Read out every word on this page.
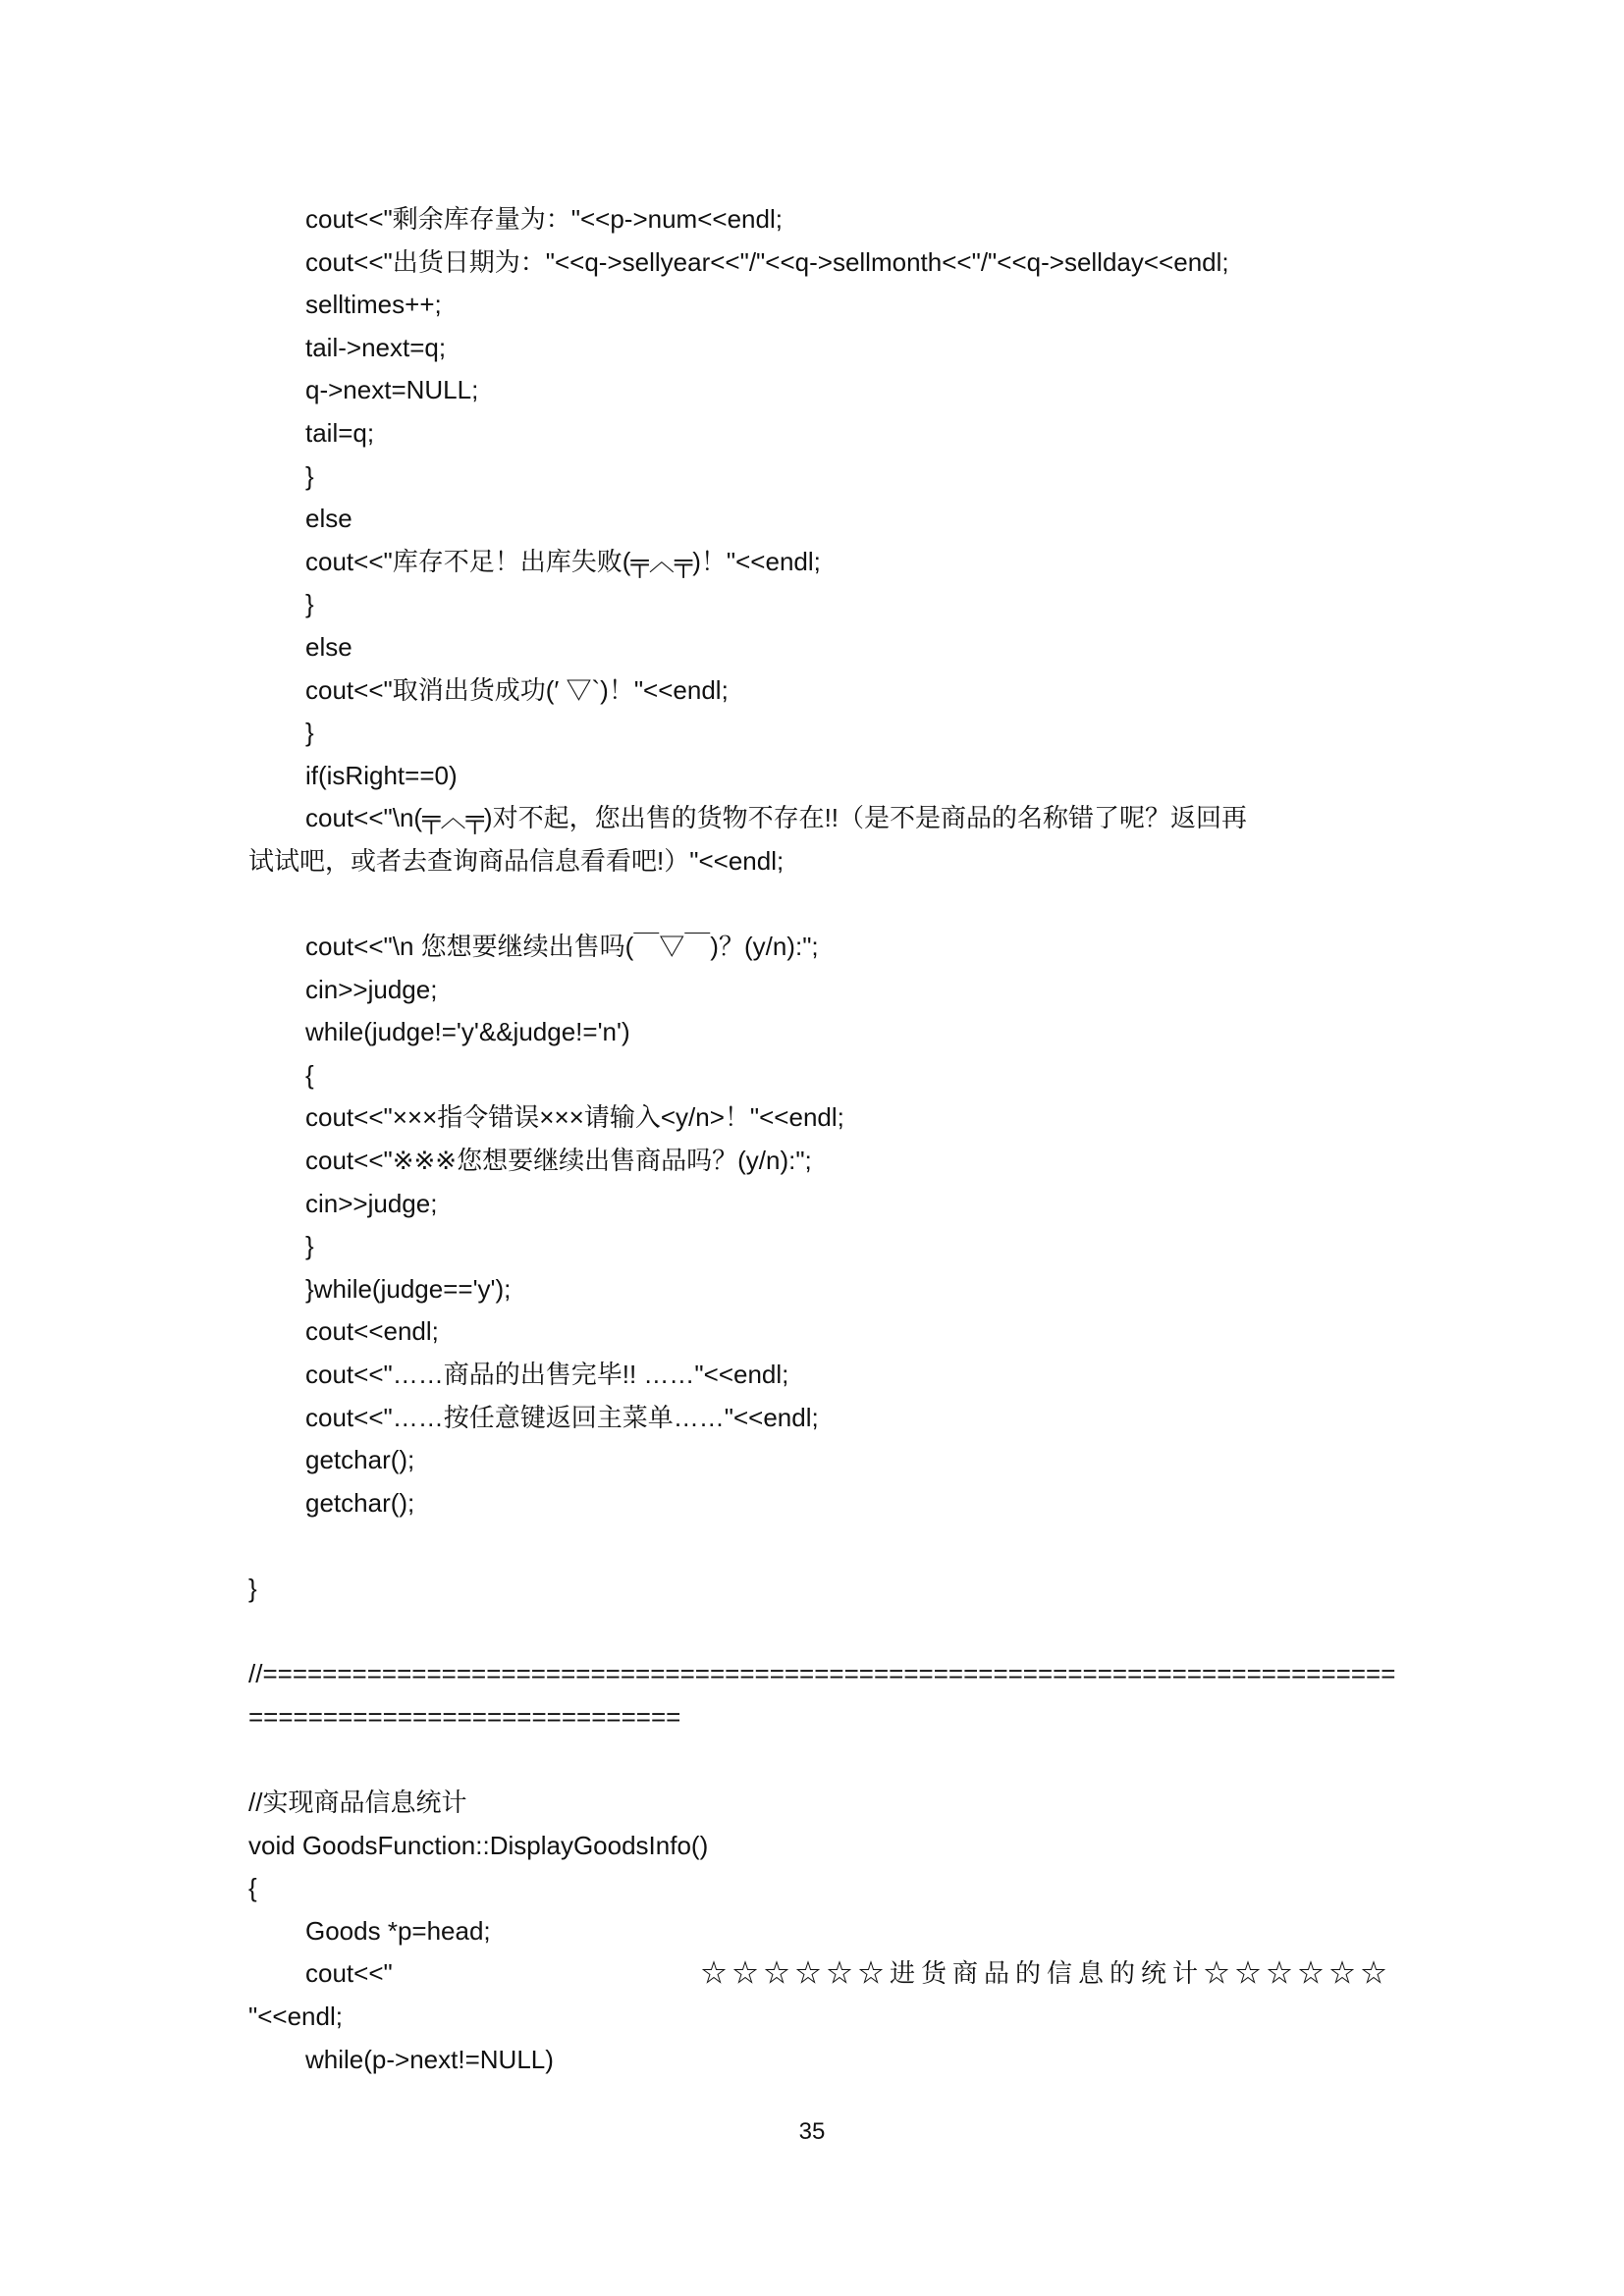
cout<<"剩余库存量为："<<p->num<<endl;
cout<<"出货日期为："<<q->sellyear<<"/"<<q->sellmonth<<"/"<<q->sellday<<endl;
selltimes++;
tail->next=q;
q->next=NULL;
tail=q;
}
else
cout<<"库存不足！出库失败(╤︿╤)！"<<endl;
}
else
cout<<"取消出货成功(′ ▽`)！"<<endl;
}
if(isRight==0)
cout<<"\n(╤︿╤)对不起，您出售的货物不存在!!（是不是商品的名称错了呢？返回再
试试吧，或者去查询商品信息看看吧!）"<<endl;
cout<<"\n 您想要继续出售吗(￣▽￣)？(y/n):";
cin>>judge;
while(judge!='y'&&judge!='n')
{
cout<<"×××指令错误×××请输入<y/n>！"<<endl;
cout<<"※※※您想要继续出售商品吗？(y/n):";
cin>>judge;
}
}while(judge=='y');
cout<<endl;
cout<<"……商品的出售完毕!! ……"<<endl;
cout<<"……按任意键返回主菜单……"<<endl;
getchar();
getchar();
}
//============================================================================
=============================
//实现商品信息统计
void GoodsFunction::DisplayGoodsInfo()
{
Goods *p=head;
cout<<"	☆☆☆☆☆☆进货商品的信息的统计☆☆☆☆☆☆
"<<endl;
while(p->next!=NULL)
35
